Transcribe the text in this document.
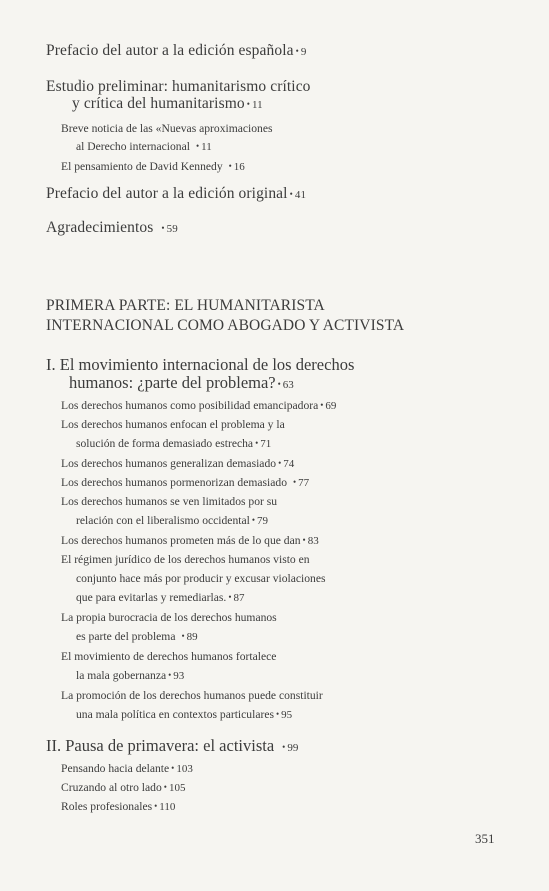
Prefacio del autor a la edición española • 9
Estudio preliminar: humanitarismo crítico
y crítica del humanitarismo • 11
Breve noticia de las «Nuevas aproximaciones
al Derecho internacional • 11
El pensamiento de David Kennedy • 16
Prefacio del autor a la edición original • 41
Agradecimientos • 59
PRIMERA PARTE: EL HUMANITARISTA
INTERNACIONAL COMO ABOGADO Y ACTIVISTA
I. El movimiento internacional de los derechos
humanos: ¿parte del problema? • 63
Los derechos humanos como posibilidad emancipadora • 69
Los derechos humanos enfocan el problema y la
solución de forma demasiado estrecha • 71
Los derechos humanos generalizan demasiado • 74
Los derechos humanos pormenorizan demasiado • 77
Los derechos humanos se ven limitados por su
relación con el liberalismo occidental • 79
Los derechos humanos prometen más de lo que dan • 83
El régimen jurídico de los derechos humanos visto en
conjunto hace más por producir y excusar violaciones
que para evitarlas y remediarlas. • 87
La propia burocracia de los derechos humanos
es parte del problema • 89
El movimiento de derechos humanos fortalece
la mala gobernanza • 93
La promoción de los derechos humanos puede constituir
una mala política en contextos particulares • 95
II. Pausa de primavera: el activista • 99
Pensando hacia delante • 103
Cruzando al otro lado • 105
Roles profesionales • 110
351
